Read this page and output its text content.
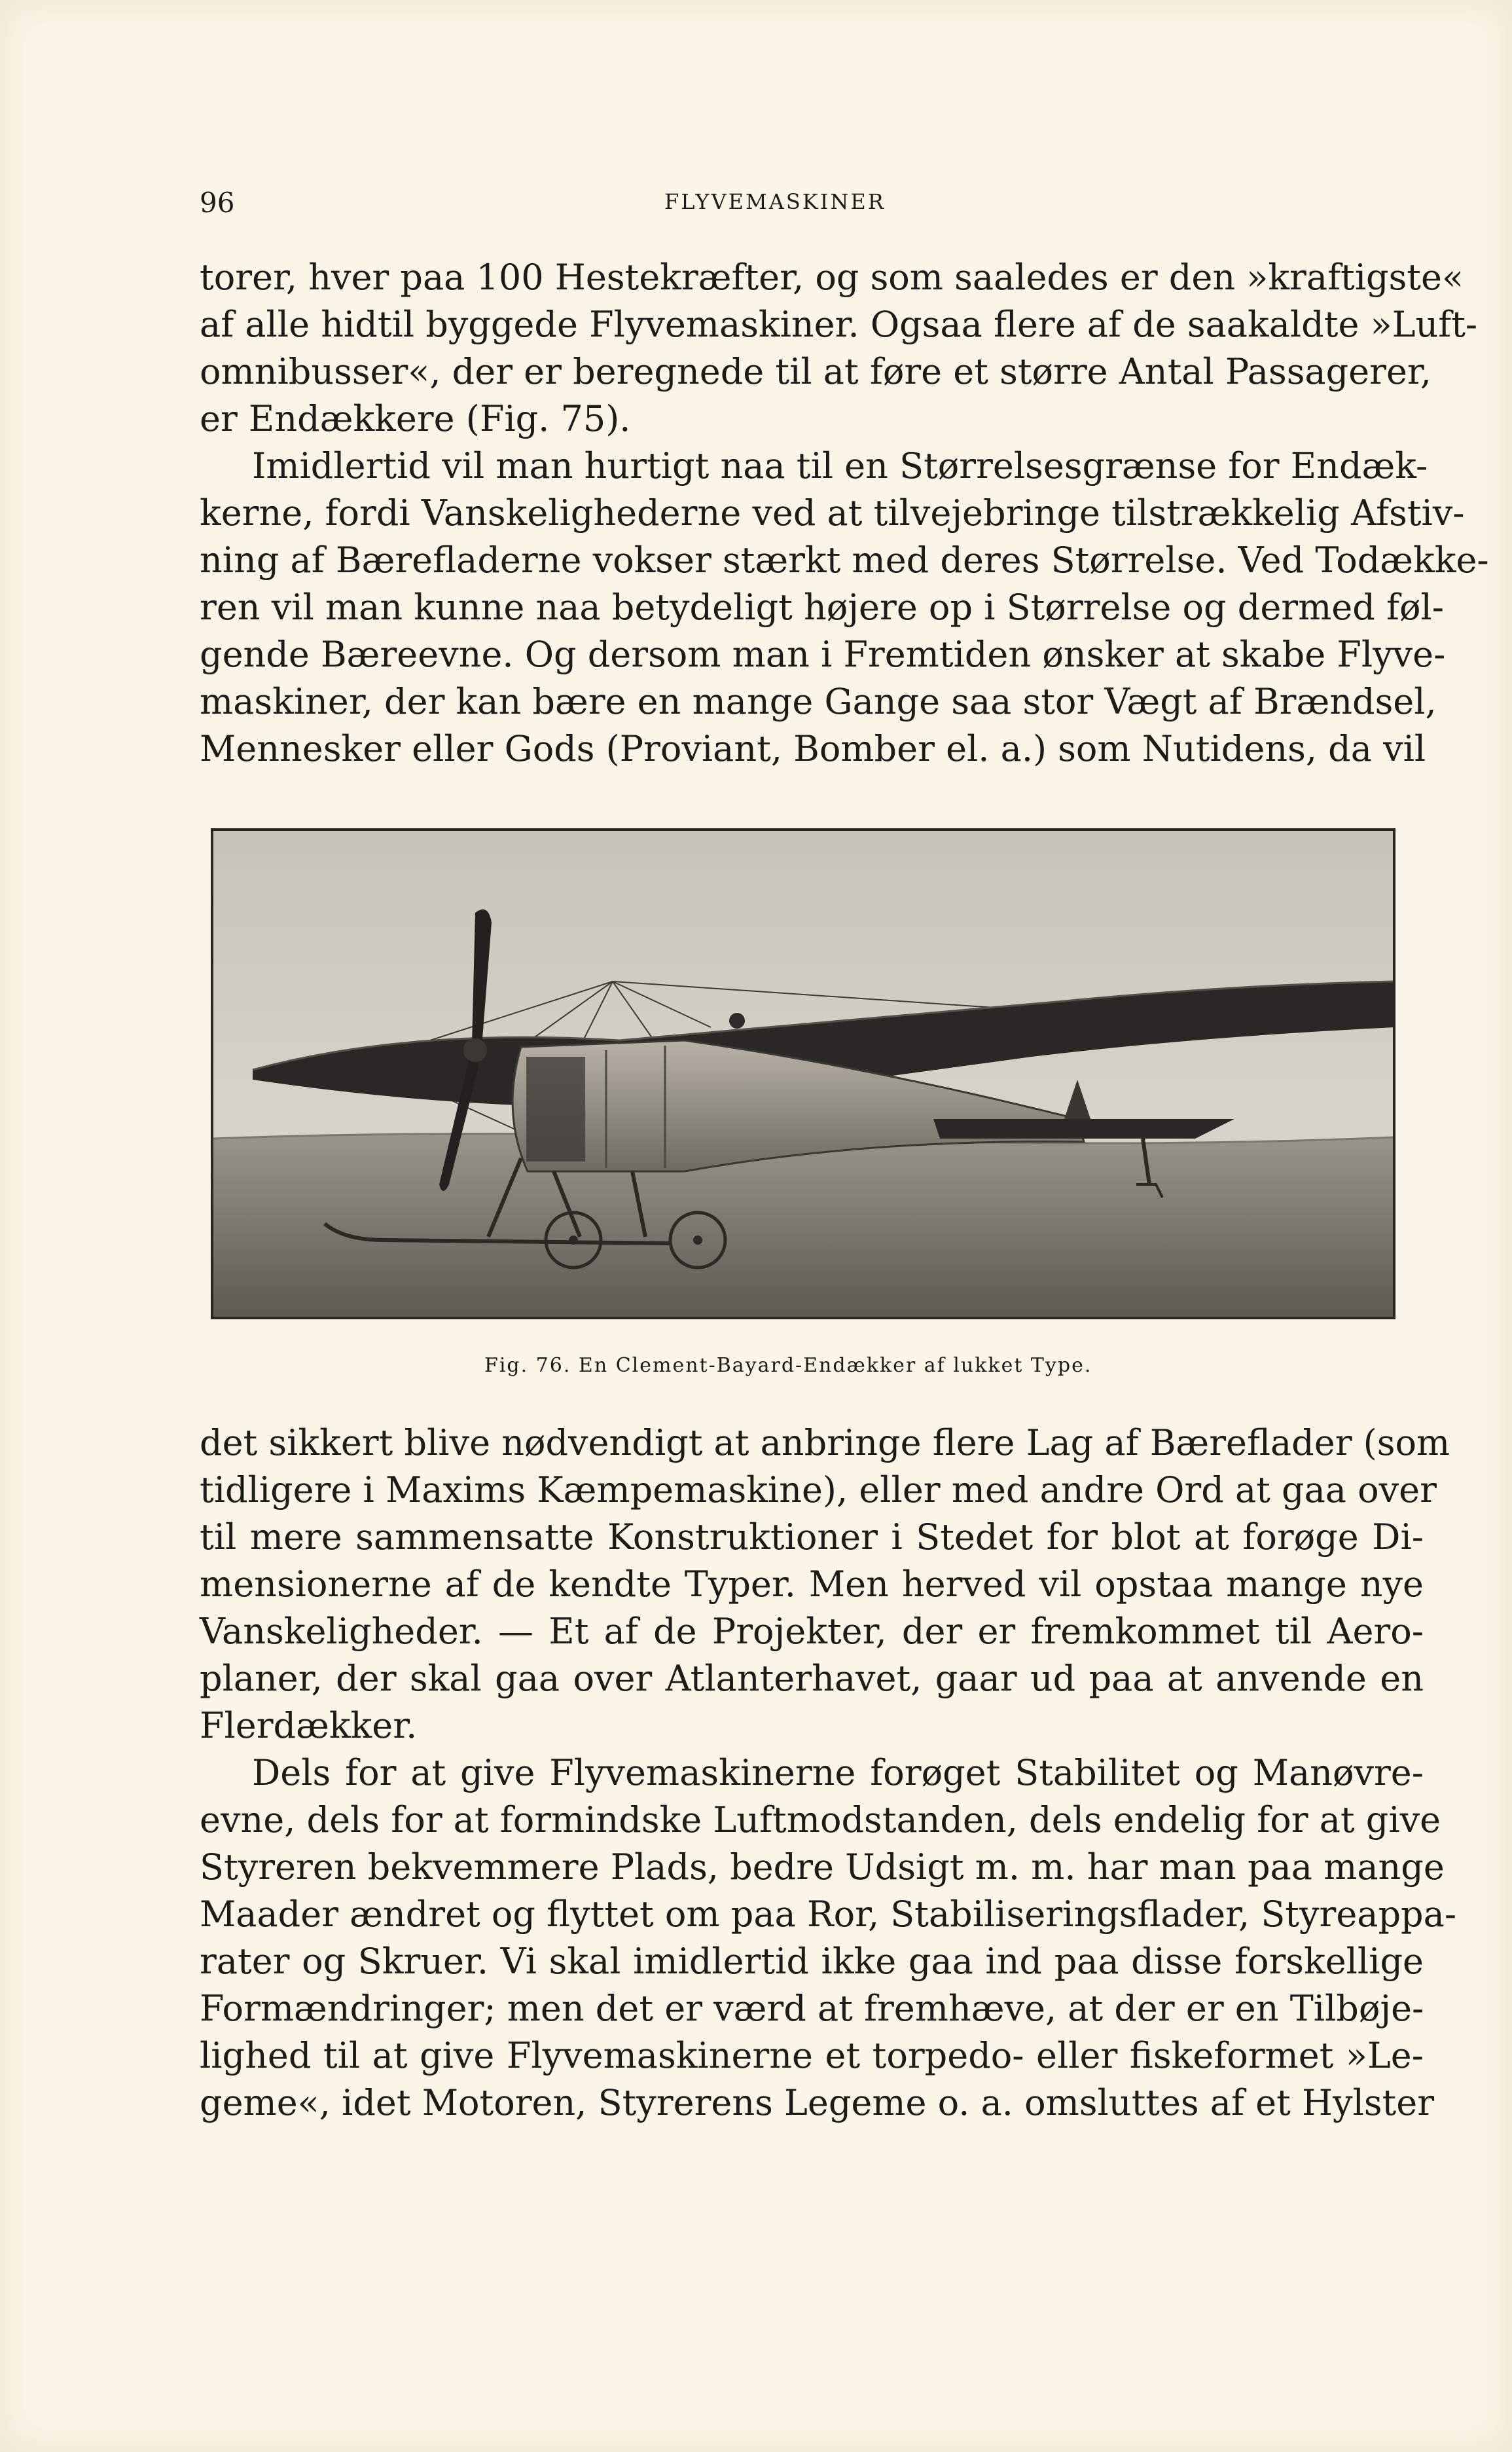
96	FLYVEMASKINER
torer, hver paa 100 Hestekræfter, og som saaledes er den »kraftigste«
af alle hidtil byggede Flyvemaskiner. Ogsaa flere af de saakaldte »Luft-
omnibusser«, der er beregnede til at føre et større Antal Passagerer,
er Endækkere (Fig. 75).
Imidlertid vil man hurtigt naa til en Størrelsesgrænse for Endæk-
kerne, fordi Vanskelighederne ved at tilvejebringe tilstrækkelig Afstiv-
ning af Bærefladerne vokser stærkt med deres Størrelse. Ved Todække-
ren vil man kunne naa betydeligt højere op i Størrelse og dermed føl-
gende Bæreevne. Og dersom man i Fremtiden ønsker at skabe Flyve-
maskiner, der kan bære en mange Gange saa stor Vægt af Brændsel,
Mennesker eller Gods (Proviant, Bomber el. a.) som Nutidens, da vil
Fig. 76. En Clement-Bayard-Endækker af lukket Type.
det sikkert blive nødvendigt at anbringe flere Lag af Bæreflader (som
tidligere i Maxims Kæmpemaskine), eller med andre Ord at gaa over
til mere sammensatte Konstruktioner i Stedet for blot at forøge Di-
mensionerne af de kendte Typer. Men herved vil opstaa mange nye
Vanskeligheder. — Et af de Projekter, der er fremkommet til Aero-
planer, der skal gaa over Atlanterhavet, gaar ud paa at anvende en
Flerdækker.
Dels for at give Flyvemaskinerne forøget Stabilitet og Manøvre-
evne, dels for at formindske Luftmodstanden, dels endelig for at give
Styreren bekvemmere Plads, bedre Udsigt m. m. har man paa mange
Maader ændret og flyttet om paa Ror, Stabiliseringsflader, Styreappa-
rater og Skruer. Vi skal imidlertid ikke gaa ind paa disse forskellige
Formændringer; men det er værd at fremhæve, at der er en Tilbøje-
lighed til at give Flyvemaskinerne et torpedo- eller fiskeformet »Le-
geme«, idet Motoren, Styrerens Legeme o. a. omsluttes af et Hylster
